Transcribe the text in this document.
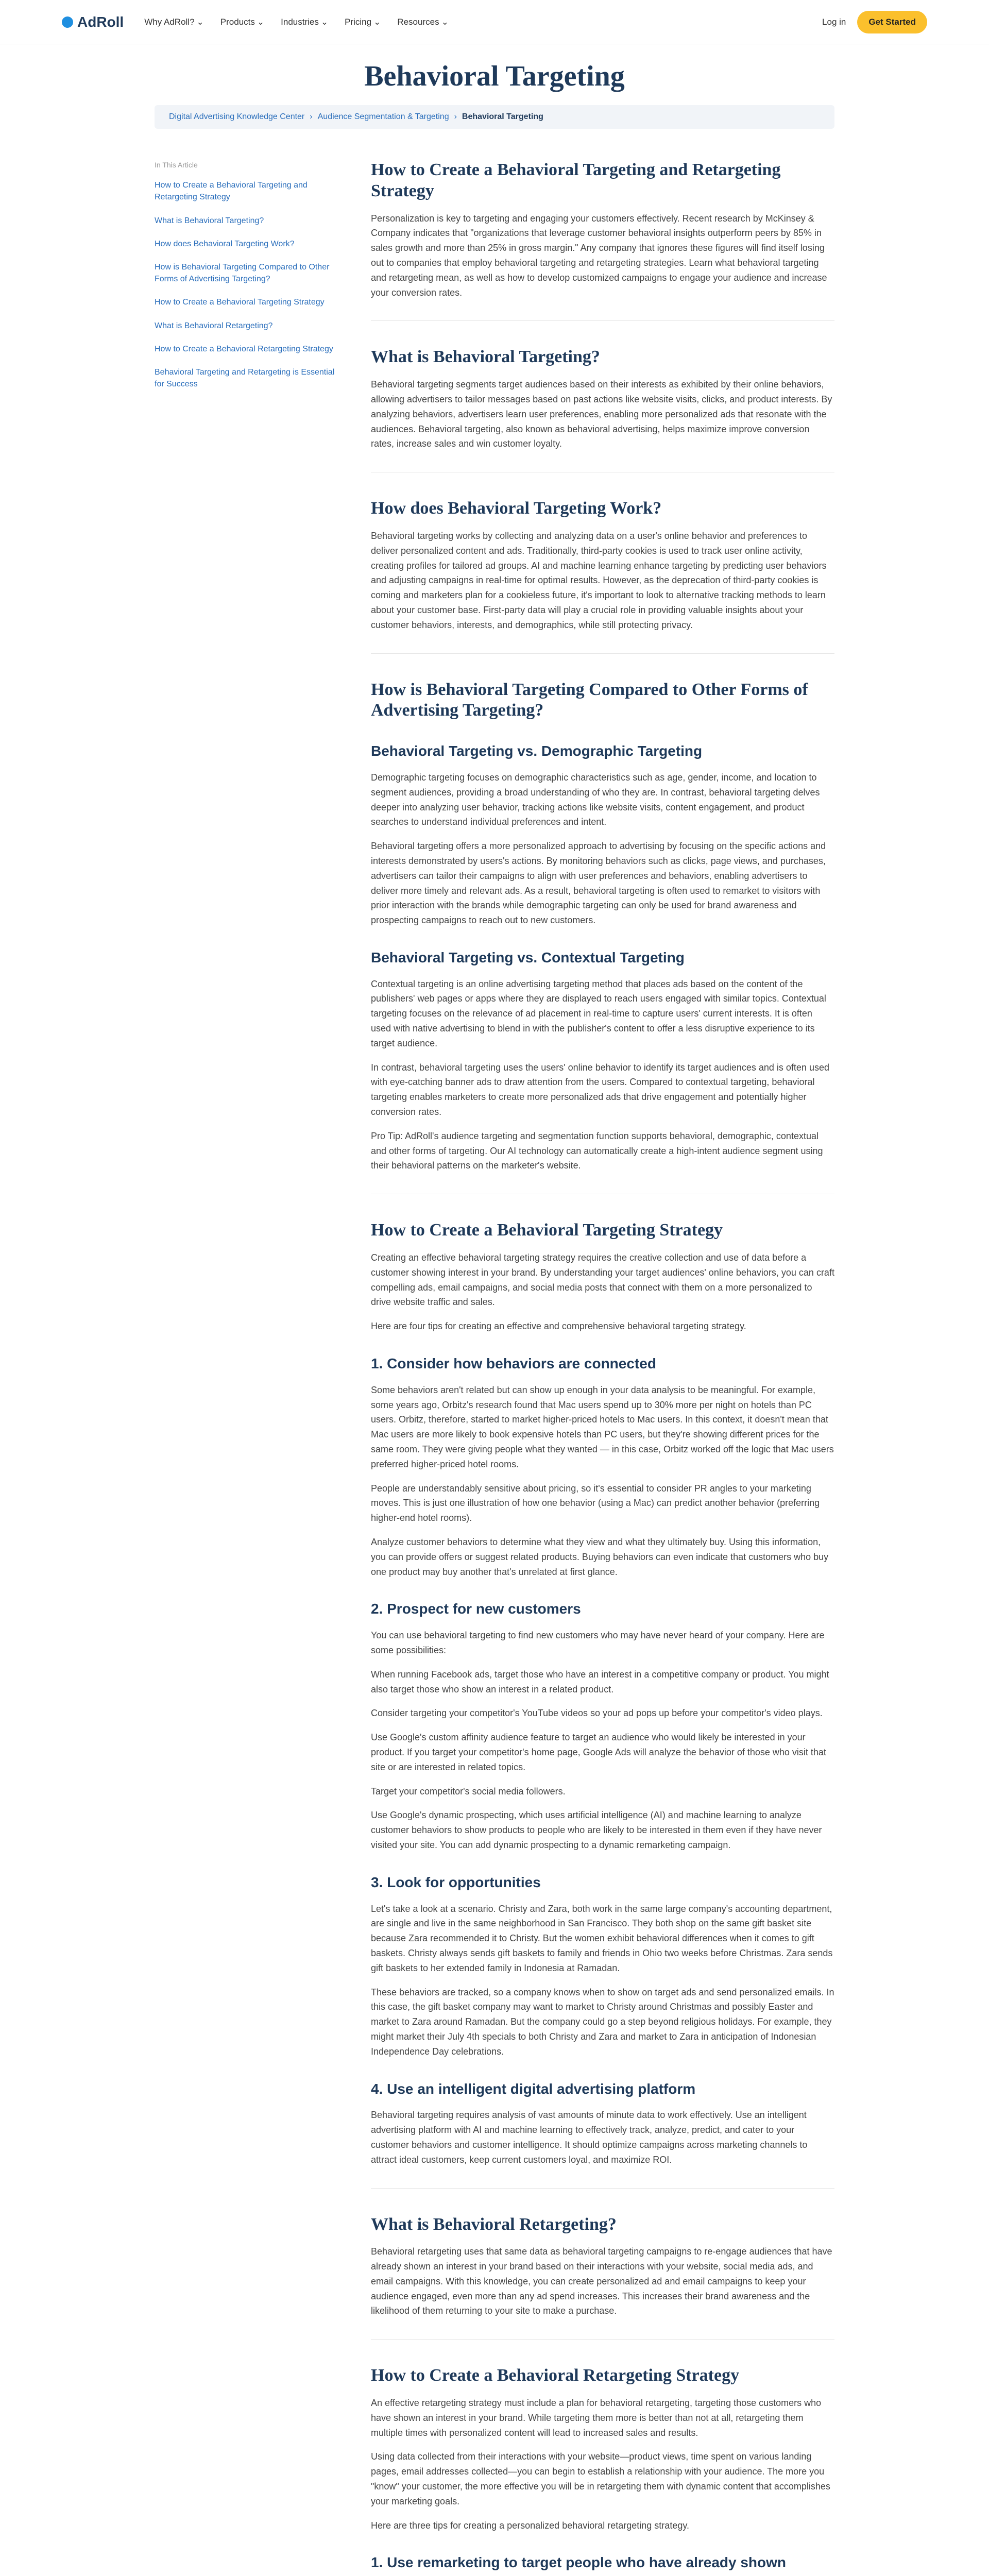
AdRoll Why AdRoll? ⌄ Products ⌄ Industries ⌄ Pricing ⌄ Resources ⌄	Log in	Get Started
Behavioral Targeting
Digital Advertising Knowledge Center › Audience Segmentation & Targeting › Behavioral Targeting
In This Article
How to Create a Behavioral Targeting and Retargeting Strategy
What is Behavioral Targeting?
How does Behavioral Targeting Work?
How is Behavioral Targeting Compared to Other Forms of Advertising Targeting?
How to Create a Behavioral Targeting Strategy
What is Behavioral Retargeting?
How to Create a Behavioral Retargeting Strategy
Behavioral Targeting and Retargeting is Essential for Success
How to Create a Behavioral Targeting and Retargeting Strategy

Personalization is key to targeting and engaging your customers effectively. Recent research by McKinsey & Company indicates that "organizations that leverage customer behavioral insights outperform peers by 85% in sales growth and more than 25% in gross margin." Any company that ignores these figures will find itself losing out to companies that employ behavioral targeting and retargeting strategies. Learn what behavioral targeting and retargeting mean, as well as how to develop customized campaigns to engage your audience and increase your conversion rates.

What is Behavioral Targeting?

Behavioral targeting segments target audiences based on their interests as exhibited by their online behaviors, allowing advertisers to tailor messages based on past actions like website visits, clicks, and product interests. By analyzing behaviors, advertisers learn user preferences, enabling more personalized ads that resonate with the audiences. Behavioral targeting, also known as behavioral advertising, helps maximize improve conversion rates, increase sales and win customer loyalty.

How does Behavioral Targeting Work?

Behavioral targeting works by collecting and analyzing data on a user's online behavior and preferences to deliver personalized content and ads. Traditionally, third-party cookies is used to track user online activity, creating profiles for tailored ad groups. AI and machine learning enhance targeting by predicting user behaviors and adjusting campaigns in real-time for optimal results. However, as the deprecation of third-party cookies is coming and marketers plan for a cookieless future, it's important to look to alternative tracking methods to learn about your customer base. First-party data will play a crucial role in providing valuable insights about your customer behaviors, interests, and demographics, while still protecting privacy.

How is Behavioral Targeting Compared to Other Forms of Advertising Targeting?
Behavioral Targeting vs. Demographic Targeting

Demographic targeting focuses on demographic characteristics such as age, gender, income, and location to segment audiences, providing a broad understanding of who they are. In contrast, behavioral targeting delves deeper into analyzing user behavior, tracking actions like website visits, content engagement, and product searches to understand individual preferences and intent.

Behavioral targeting offers a more personalized approach to advertising by focusing on the specific actions and interests demonstrated by users's actions. By monitoring behaviors such as clicks, page views, and purchases, advertisers can tailor their campaigns to align with user preferences and behaviors, enabling advertisers to deliver more timely and relevant ads. As a result, behavioral targeting is often used to remarket to visitors with prior interaction with the brands while demographic targeting can only be used for brand awareness and prospecting campaigns to reach out to new customers.

Behavioral Targeting vs. Contextual Targeting

Contextual targeting is an online advertising targeting method that places ads based on the content of the publishers' web pages or apps where they are displayed to reach users engaged with similar topics. Contextual targeting focuses on the relevance of ad placement in real-time to capture users' current interests. It is often used with native advertising to blend in with the publisher's content to offer a less disruptive experience to its target audience.

In contrast, behavioral targeting uses the users' online behavior to identify its target audiences and is often used with eye-catching banner ads to draw attention from the users. Compared to contextual targeting, behavioral targeting enables marketers to create more personalized ads that drive engagement and potentially higher conversion rates.

Pro Tip: AdRoll's audience targeting and segmentation function supports behavioral, demographic, contextual and other forms of targeting. Our AI technology can automatically create a high-intent audience segment using their behavioral patterns on the marketer's website.

How to Create a Behavioral Targeting Strategy

Creating an effective behavioral targeting strategy requires the creative collection and use of data before a customer showing interest in your brand. By understanding your target audiences' online behaviors, you can craft compelling ads, email campaigns, and social media posts that connect with them on a more personalized to drive website traffic and sales.

Here are four tips for creating an effective and comprehensive behavioral targeting strategy.

1. Consider how behaviors are connected

Some behaviors aren't related but can show up enough in your data analysis to be meaningful. For example, some years ago, Orbitz's research found that Mac users spend up to 30% more per night on hotels than PC users. Orbitz, therefore, started to market higher-priced hotels to Mac users. In this context, it doesn't mean that Mac users are more likely to book expensive hotels than PC users, but they're showing different prices for the same room. They were giving people what they wanted — in this case, Orbitz worked off the logic that Mac users preferred higher-priced hotel rooms.

People are understandably sensitive about pricing, so it's essential to consider PR angles to your marketing moves. This is just one illustration of how one behavior (using a Mac) can predict another behavior (preferring higher-end hotel rooms).

Analyze customer behaviors to determine what they view and what they ultimately buy. Using this information, you can provide offers or suggest related products. Buying behaviors can even indicate that customers who buy one product may buy another that's unrelated at first glance.

2. Prospect for new customers

You can use behavioral targeting to find new customers who may have never heard of your company. Here are some possibilities:

When running Facebook ads, target those who have an interest in a competitive company or product. You might also target those who show an interest in a related product.

Consider targeting your competitor's YouTube videos so your ad pops up before your competitor's video plays.

Use Google's custom affinity audience feature to target an audience who would likely be interested in your product. If you target your competitor's home page, Google Ads will analyze the behavior of those who visit that site or are interested in related topics.

Target your competitor's social media followers.

Use Google's dynamic prospecting, which uses artificial intelligence (AI) and machine learning to analyze customer behaviors to show products to people who are likely to be interested in them even if they have never visited your site. You can add dynamic prospecting to a dynamic remarketing campaign.

3. Look for opportunities

Let's take a look at a scenario. Christy and Zara, both work in the same large company's accounting department, are single and live in the same neighborhood in San Francisco. They both shop on the same gift basket site because Zara recommended it to Christy. But the women exhibit behavioral differences when it comes to gift baskets. Christy always sends gift baskets to family and friends in Ohio two weeks before Christmas. Zara sends gift baskets to her extended family in Indonesia at Ramadan.

These behaviors are tracked, so a company knows when to show on target ads and send personalized emails. In this case, the gift basket company may want to market to Christy around Christmas and possibly Easter and market to Zara around Ramadan. But the company could go a step beyond religious holidays. For example, they might market their July 4th specials to both Christy and Zara and market to Zara in anticipation of Indonesian Independence Day celebrations.

4. Use an intelligent digital advertising platform

Behavioral targeting requires analysis of vast amounts of minute data to work effectively. Use an intelligent advertising platform with AI and machine learning to effectively track, analyze, predict, and cater to your customer behaviors and customer intelligence. It should optimize campaigns across marketing channels to attract ideal customers, keep current customers loyal, and maximize ROI.

What is Behavioral Retargeting?

Behavioral retargeting uses that same data as behavioral targeting campaigns to re-engage audiences that have already shown an interest in your brand based on their interactions with your website, social media ads, and email campaigns. With this knowledge, you can create personalized ad and email campaigns to keep your audience engaged, even more than any ad spend increases. This increases their brand awareness and the likelihood of them returning to your site to make a purchase.

How to Create a Behavioral Retargeting Strategy

An effective retargeting strategy must include a plan for behavioral retargeting, targeting those customers who have shown an interest in your brand. While targeting them more is better than not at all, retargeting them multiple times with personalized content will lead to increased sales and results.

Using data collected from their interactions with your website—product views, time spent on various landing pages, email addresses collected—you can begin to establish a relationship with your audience. The more you "know" your customer, the more effective you will be in retargeting them with dynamic content that accomplishes your marketing goals.

Here are three tips for creating a personalized behavioral retargeting strategy.

1. Use remarketing to target people who have already shown
